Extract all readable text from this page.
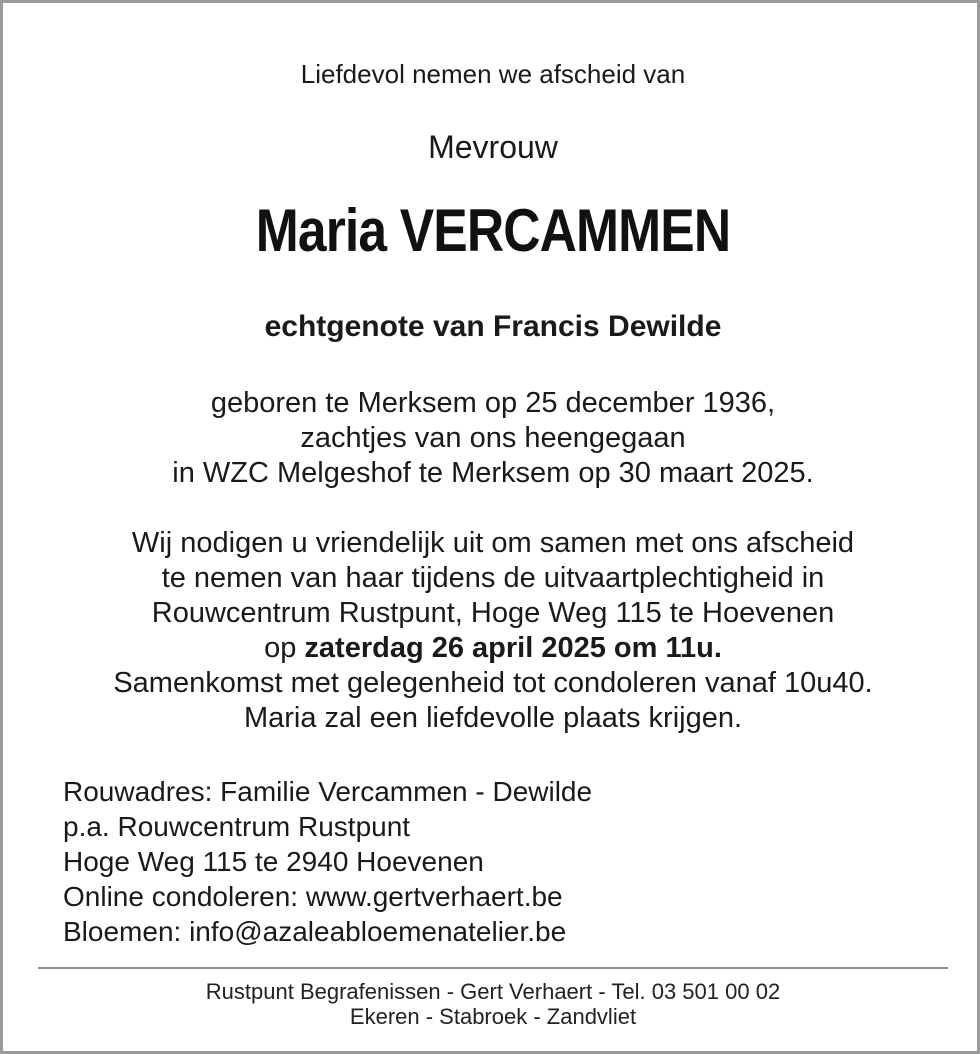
Liefdevol nemen we afscheid van
Mevrouw
Maria VERCAMMEN
echtgenote van Francis Dewilde
geboren te Merksem op 25 december 1936,
zachtjes van ons heengegaan
in WZC Melgeshof te Merksem op 30 maart 2025.
Wij nodigen u vriendelijk uit om samen met ons afscheid
te nemen van haar tijdens de uitvaartplechtigheid in
Rouwcentrum Rustpunt, Hoge Weg 115 te Hoevenen
op zaterdag 26 april 2025 om 11u.
Samenkomst met gelegenheid tot condoleren vanaf 10u40.
Maria zal een liefdevolle plaats krijgen.
Rouwadres: Familie Vercammen - Dewilde
p.a. Rouwcentrum Rustpunt
Hoge Weg 115 te 2940 Hoevenen
Online condoleren: www.gertverhaert.be
Bloemen: info@azaleabloemenatelier.be
Rustpunt Begrafenissen - Gert Verhaert - Tel. 03 501 00 02
Ekeren - Stabroek - Zandvliet
